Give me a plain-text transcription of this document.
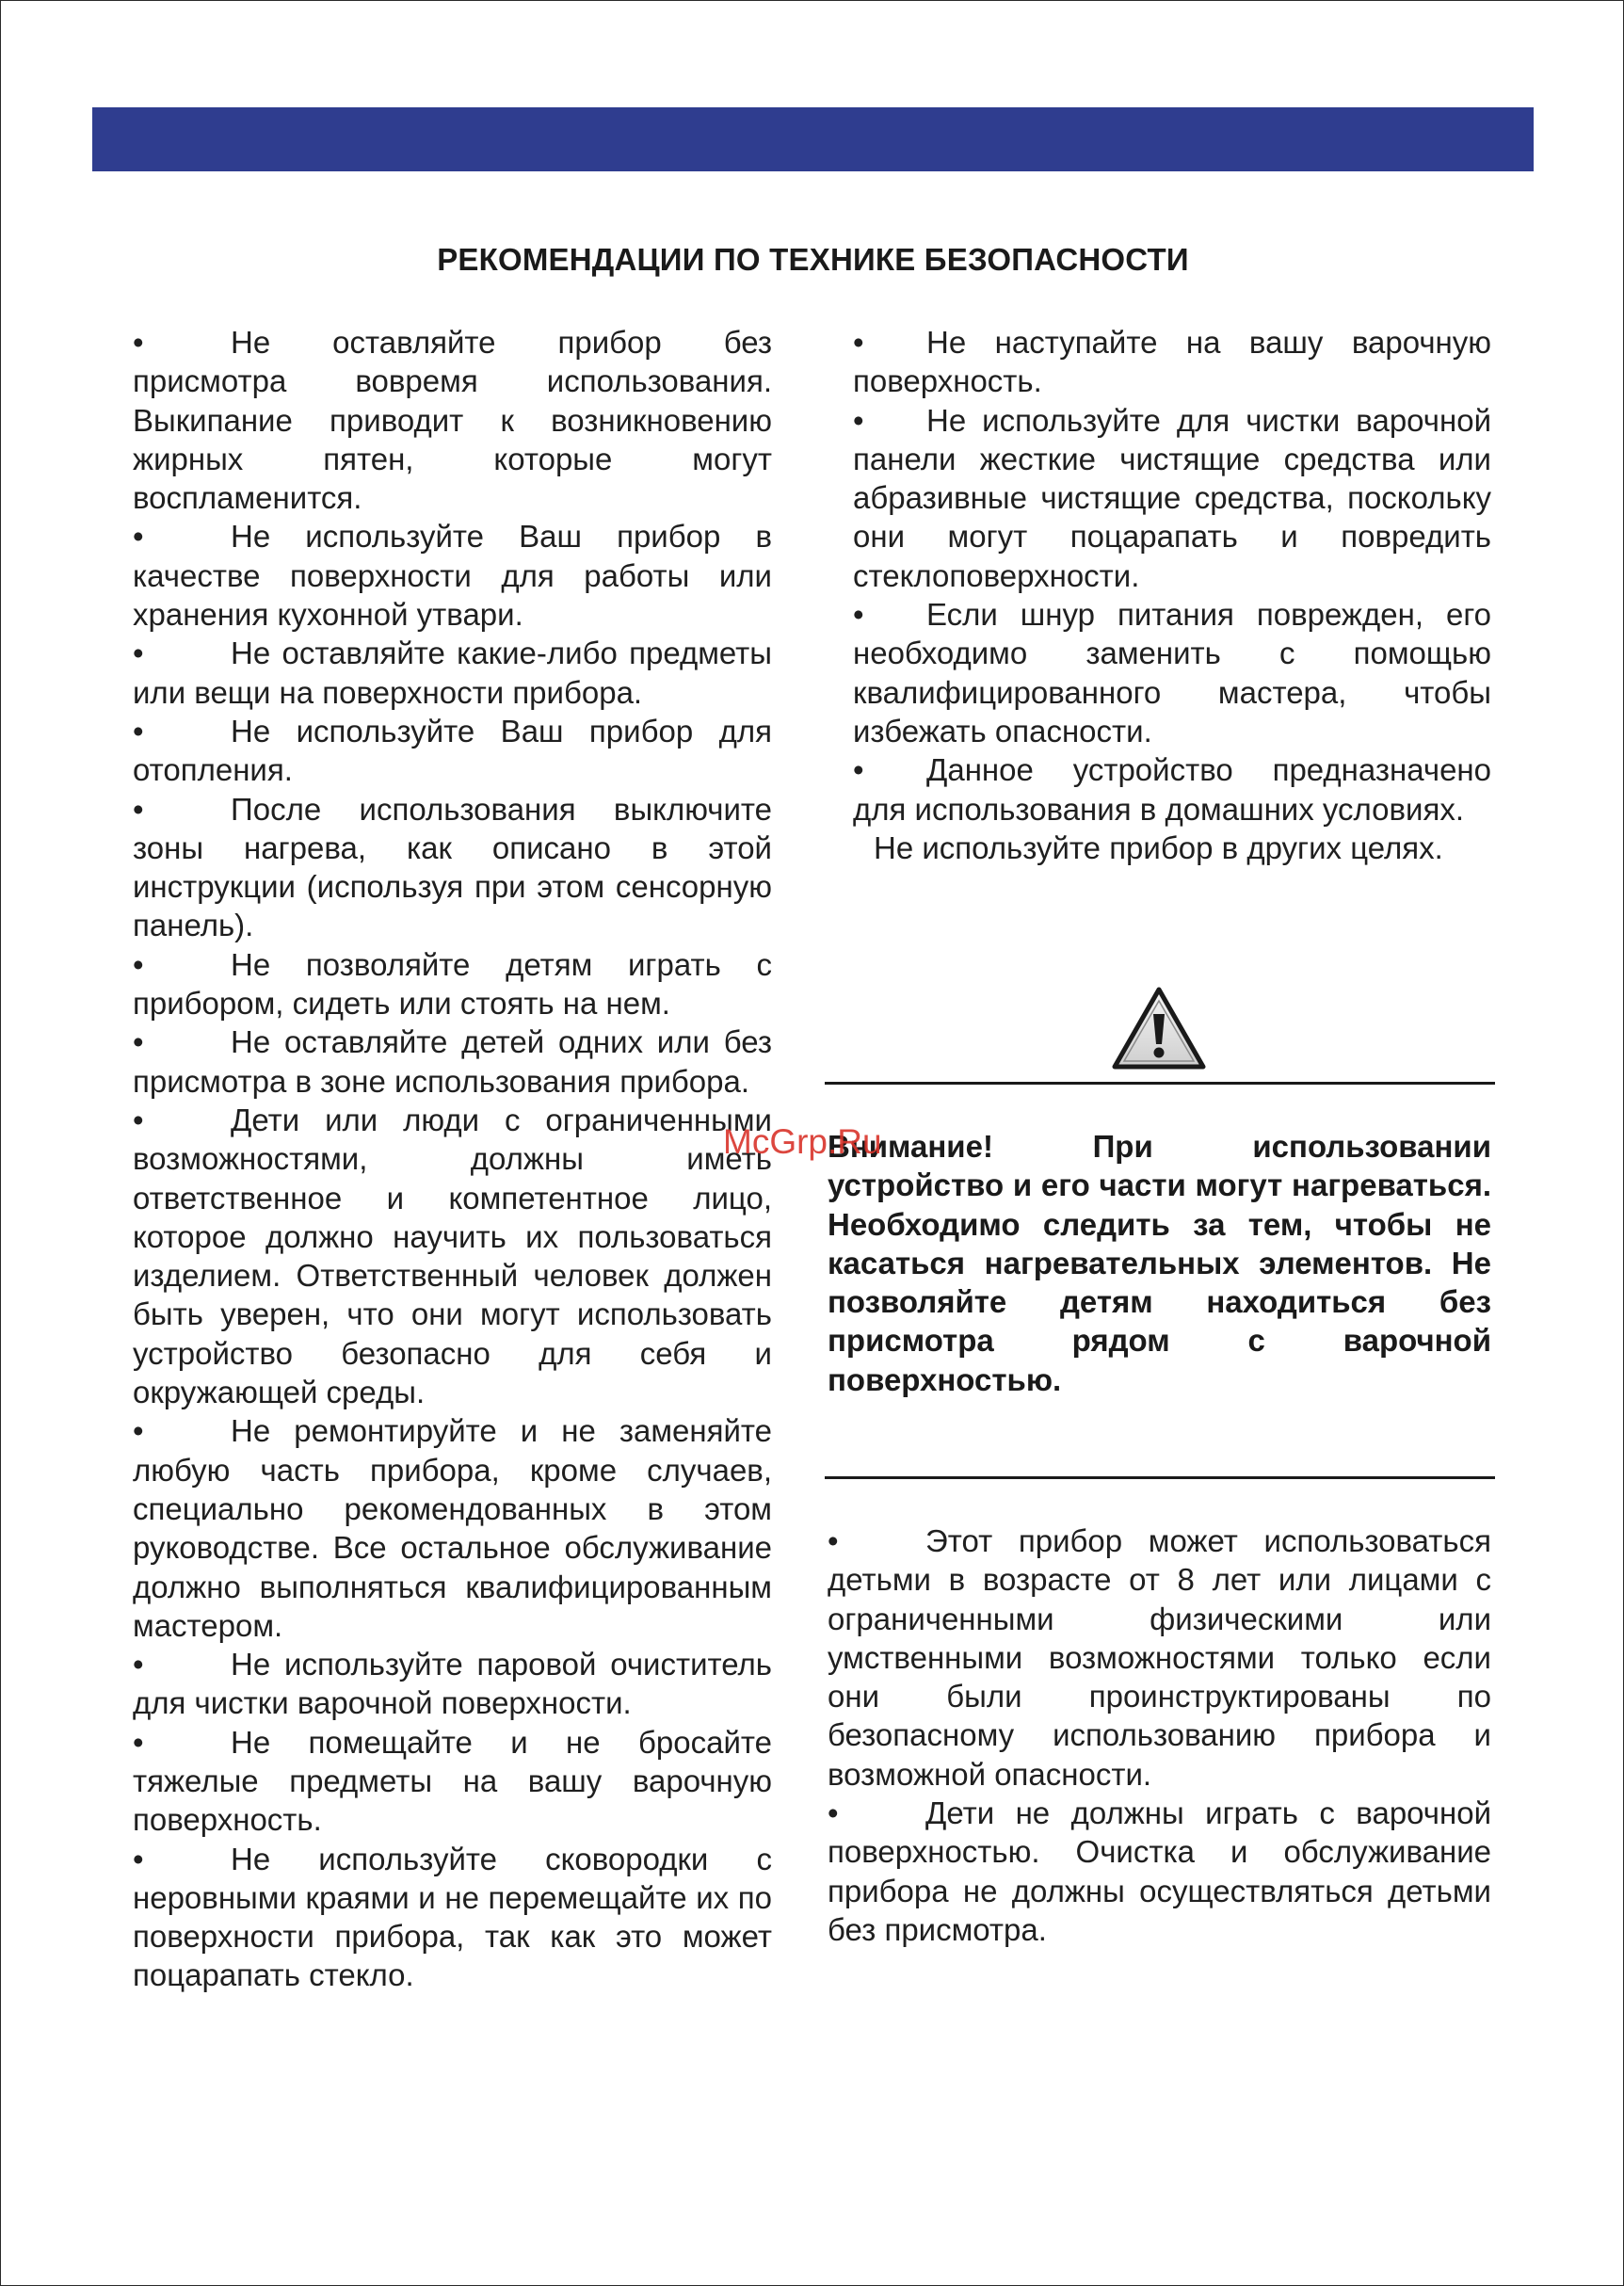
РЕКОМЕНДАЦИИ ПО ТЕХНИКЕ БЕЗОПАСНОСТИ

•	Не оставляйте прибор без присмотра вовремя использования. Выкипание приводит к возникновению жирных пятен, которые могут воспламенится.

•	Не используйте Ваш прибор в качестве поверхности для работы или хранения кухонной утвари.

•	Не оставляйте какие-либо предметы или вещи на поверхности прибора.

•	Не используйте Ваш прибор для отопления.

•	После использования выключите зоны нагрева, как описано в этой инструкции (используя при этом сенсорную панель).

•	Не позволяйте детям играть с прибором, сидеть или стоять на нем.

•	Не оставляйте детей одних или без присмотра в зоне использования прибора.

•	Дети или люди с ограниченными возможностями, должны иметь ответственное и компетентное лицо, которое должно научить их пользоваться изделием. Ответственный человек должен быть уверен, что они могут использовать устройство безопасно для себя и окружающей среды.

•	Не ремонтируйте и не заменяйте любую часть прибора, кроме случаев, специально рекомендованных в этом руководстве. Все остальное обслуживание должно выполняться квалифицированным мастером.

•	Не используйте паровой очиститель для чистки варочной поверхности.

•	Не помещайте и не бросайте тяжелые предметы на вашу варочную поверхность.

•	Не используйте сковородки с неровными краями и не перемещайте их по поверхности прибора, так как это может поцарапать стекло.

• Не наступайте на вашу варочную поверхность.

• Не используйте для чистки варочной панели жесткие чистящие средства или абразивные чистящие средства, поскольку они могут поцарапать и повредить стеклоповерхности.

• Если шнур питания поврежден, его необходимо заменить с помощью квалифицированного мастера, чтобы избежать опасности.

• Данное устройство предназначено для использования в домашних условиях.

Не используйте прибор в других целях.

Внимание! При использовании устройство и его части могут нагреваться. Необходимо следить за тем, чтобы не касаться нагревательных элементов. Не позволяйте детям находиться без присмотра рядом с варочной поверхностью.
McGrp.Ru

•	Этот прибор может использоваться детьми в возрасте от 8 лет или лицами с ограниченными физическими или умственными возможностями только если они были проинструктированы по безопасному использованию прибора и возможной опасности.

•	Дети не должны играть с варочной поверхностью. Очистка и обслуживание прибора не должны осуществляться детьми без присмотра.
